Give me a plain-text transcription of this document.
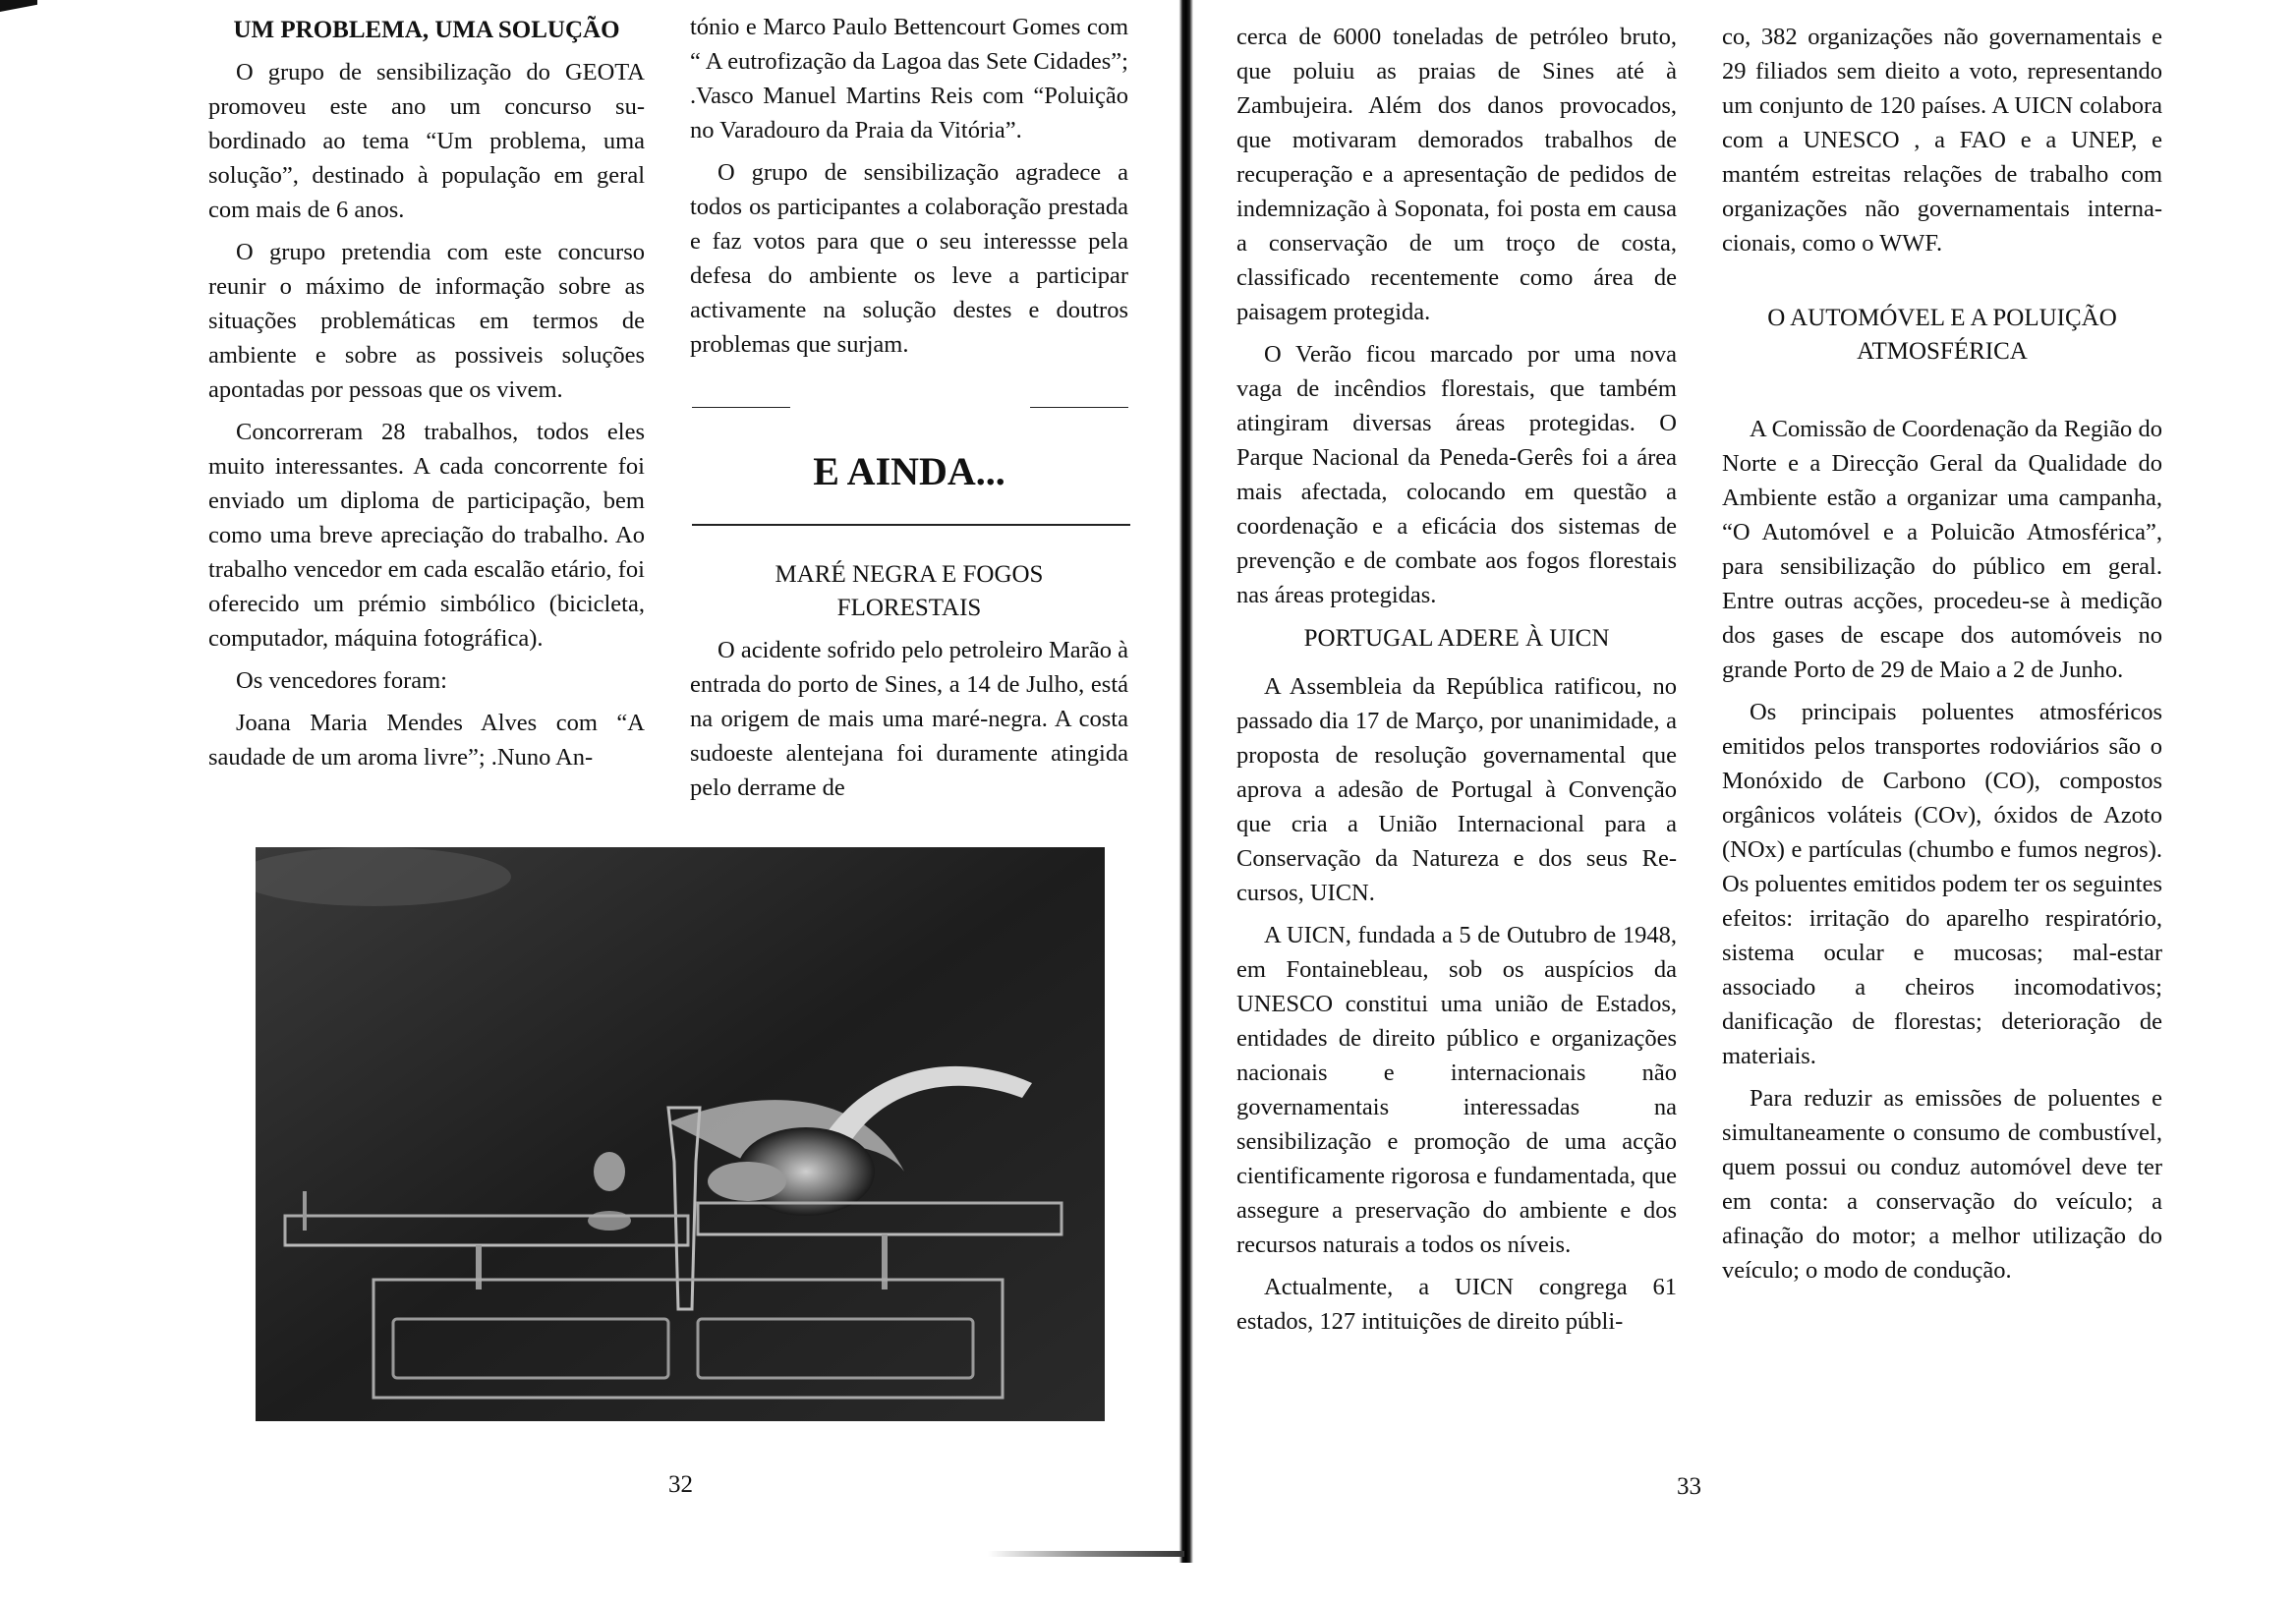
UM PROBLEMA, UMA SOLUÇÃO

O grupo de sensibilização do GEOTA promoveu este ano um concurso subordinado ao tema “Um problema, uma solução”, destinado à população em geral com mais de 6 anos.

O grupo pretendia com este concurso reunir o máximo de informação sobre as situações problemáticas em termos de ambiente e sobre as possiveis soluções apontadas por pessoas que os vivem.

Concorreram 28 trabalhos, todos eles muito interessantes. A cada concorrente foi enviado um diploma de participação, bem como uma breve apreciação do trabalho. Ao trabalho vencedor em cada escalão etário, foi oferecido um prémio simbólico (bicicleta, computador, máquina fotográfica).

Os vencedores foram:

Joana Maria Mendes Alves com “A saudade de um aroma livre”; .Nuno An-

tónio e Marco Paulo Bettencourt Gomes com “ A eutrofização da Lagoa das Sete Cidades”; .Vasco Manuel Martins Reis com “Poluição no Varadouro da Praia da Vitória”.

O grupo de sensibilização agradece a todos os participantes a colaboração prestada e faz votos para que o seu interessse pela defesa do ambiente os leve a participar activamente na solução destes e doutros problemas que surjam.

E AINDA...
MARÉ NEGRA E FOGOS FLORESTAIS

O acidente sofrido pelo petroleiro Marão à entrada do porto de Sines, a 14 de Julho, está na origem de mais uma maré-negra. A costa sudoeste alentejana foi duramente atingida pelo derrame de

32

cerca de 6000 toneladas de petróleo bruto, que poluiu as praias de Sines até à Zambujeira. Além dos danos provocados, que motivaram demorados trabalhos de recuperação e a apresentação de pedidos de indemnização à Soponata, foi posta em causa a conservação de um troço de costa, classificado recentemente como área de paisagem protegida.

O Verão ficou marcado por uma nova vaga de incêndios florestais, que também atingiram diversas áreas protegidas. O Parque Nacional da Peneda-Gerês foi a área mais afectada, colocando em questão a coordenação e a eficácia dos sistemas de prevenção e de combate aos fogos florestais nas áreas protegidas.

PORTUGAL ADERE À UICN

A Assembleia da República ratificou, no passado dia 17 de Março, por unanimidade, a proposta de resolução governamental que aprova a adesão de Portugal à Convenção que cria a União Internacional para a Conservação da Natureza e dos seus Recursos, UICN.

A UICN, fundada a 5 de Outubro de 1948, em Fontainebleau, sob os auspícios da UNESCO constitui uma união de Estados, entidades de direito público e organizações nacionais e internacionais não governamentais interessadas na sensibilização e promoção de uma acção cientificamente rigorosa e fundamentada, que assegure a preservação do ambiente e dos recursos naturais a todos os níveis.

Actualmente, a UICN congrega 61 estados, 127 intituições de direito públi-

co, 382 organizações não governamentais e 29 filiados sem dieito a voto, representando um conjunto de 120 países. A UICN colabora com a UNESCO , a FAO e a UNEP, e mantém estreitas relações de trabalho com organizações não governamentais internacionais, como o WWF.

O AUTOMÓVEL E A POLUIÇÃO ATMOSFÉRICA

A Comissão de Coordenação da Região do Norte e a Direcção Geral da Qualidade do Ambiente estão a organizar uma campanha, “O Automóvel e a Poluicão Atmosférica”, para sensibilização do público em geral. Entre outras acções, procedeu-se à medição dos gases de escape dos automóveis no grande Porto de 29 de Maio a 2 de Junho.

Os principais poluentes atmosféricos emitidos pelos transportes rodoviários são o Monóxido de Carbono (CO), compostos orgânicos voláteis (COv), óxidos de Azoto (NOx) e partículas (chumbo e fumos negros). Os poluentes emitidos podem ter os seguintes efeitos: irritação do aparelho respiratório, sistema ocular e mucosas; mal-estar associado a cheiros incomodativos; danificação de florestas; deterioração de materiais.

Para reduzir as emissões de poluentes e simultaneamente o consumo de combustível, quem possui ou conduz automóvel deve ter em conta: a conservação do veículo; a afinação do motor; a melhor utilização do veículo; o modo de condução.

33
